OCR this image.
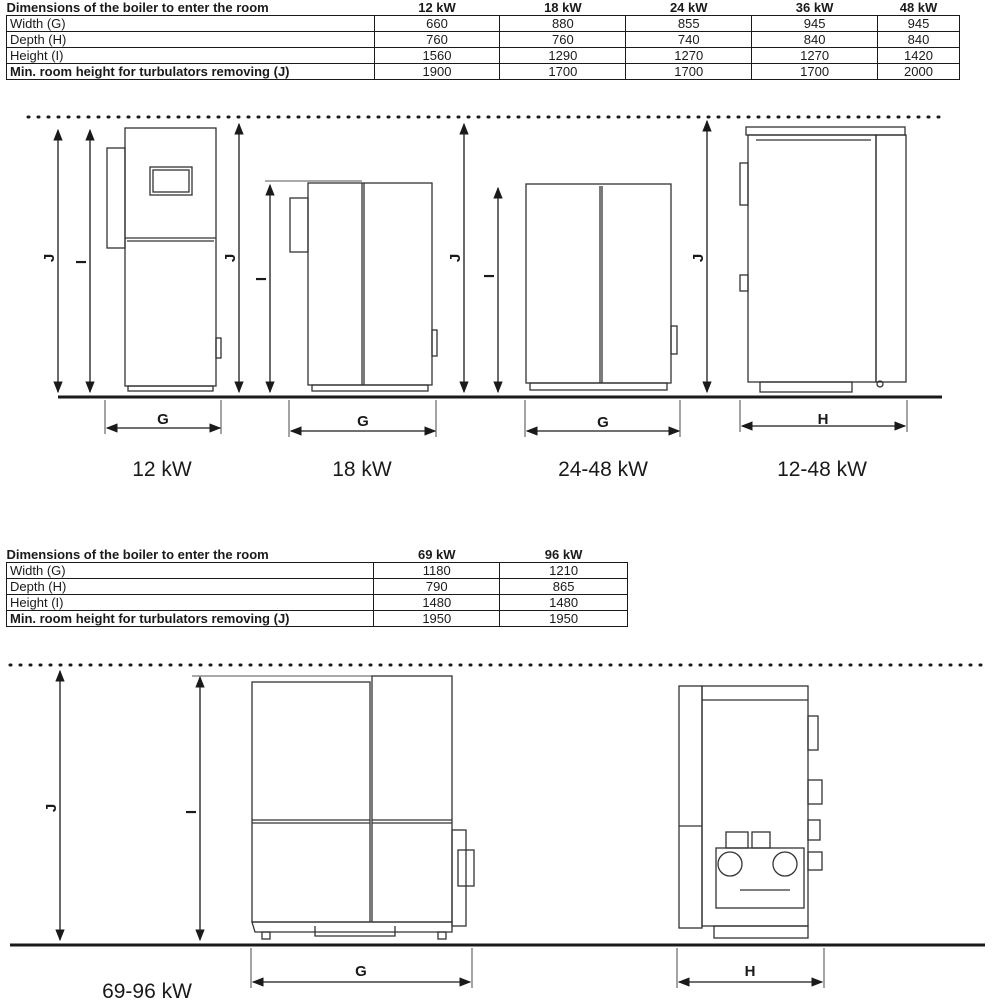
Dimensions of the boiler to enter the room	12 kW	18 kW	24 kW	36 kW	48 kW
Width (G)	660	880	855	945	945
Depth (H)	760	760	740	840	840
Height (I)	1560	1290	1270	1270	1420
Min. room height for turbulators removing (J)	1900	1700	1700	1700	2000
Dimensions of the boiler to enter the room	69 kW	96 kW
Width (G)	1180	1210
Depth (H)	790	865
Height (I)	1480	1480
Min. room height for turbulators removing (J)	1950	1950
J I	J
I
J
I
J
G	G	G	H
12 kW	18 kW	24-48 kW	12-48 kW
J	I
G	H
69-96 kW
